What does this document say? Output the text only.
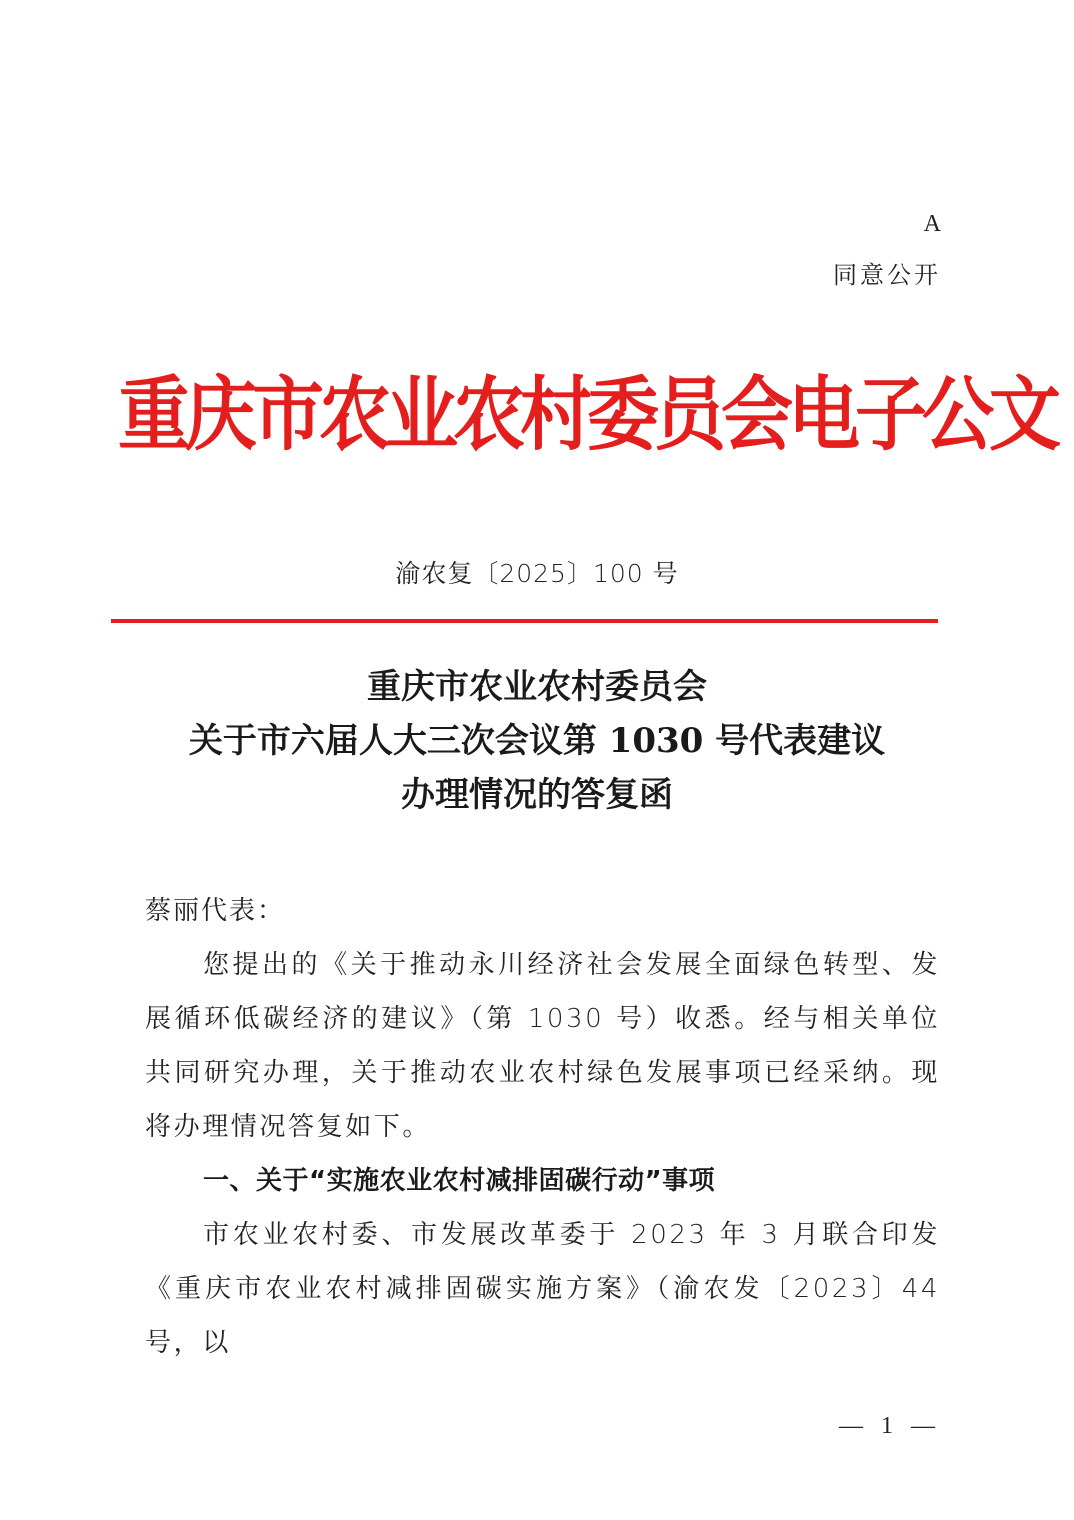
A
同意公开
重庆市农业农村委员会电子公文
渝农复〔2025〕100 号
重庆市农业农村委员会
关于市六届人大三次会议第 1030 号代表建议
办理情况的答复函
蔡丽代表：

您提出的《关于推动永川经济社会发展全面绿色转型、发展循环低碳经济的建议》（第 1030 号）收悉。经与相关单位共同研究办理，关于推动农业农村绿色发展事项已经采纳。现将办理情况答复如下。

一、关于“实施农业农村减排固碳行动”事项

市农业农村委、市发展改革委于 2023 年 3 月联合印发《重庆市农业农村减排固碳实施方案》（渝农发〔2023〕44 号，以

— 1 —
